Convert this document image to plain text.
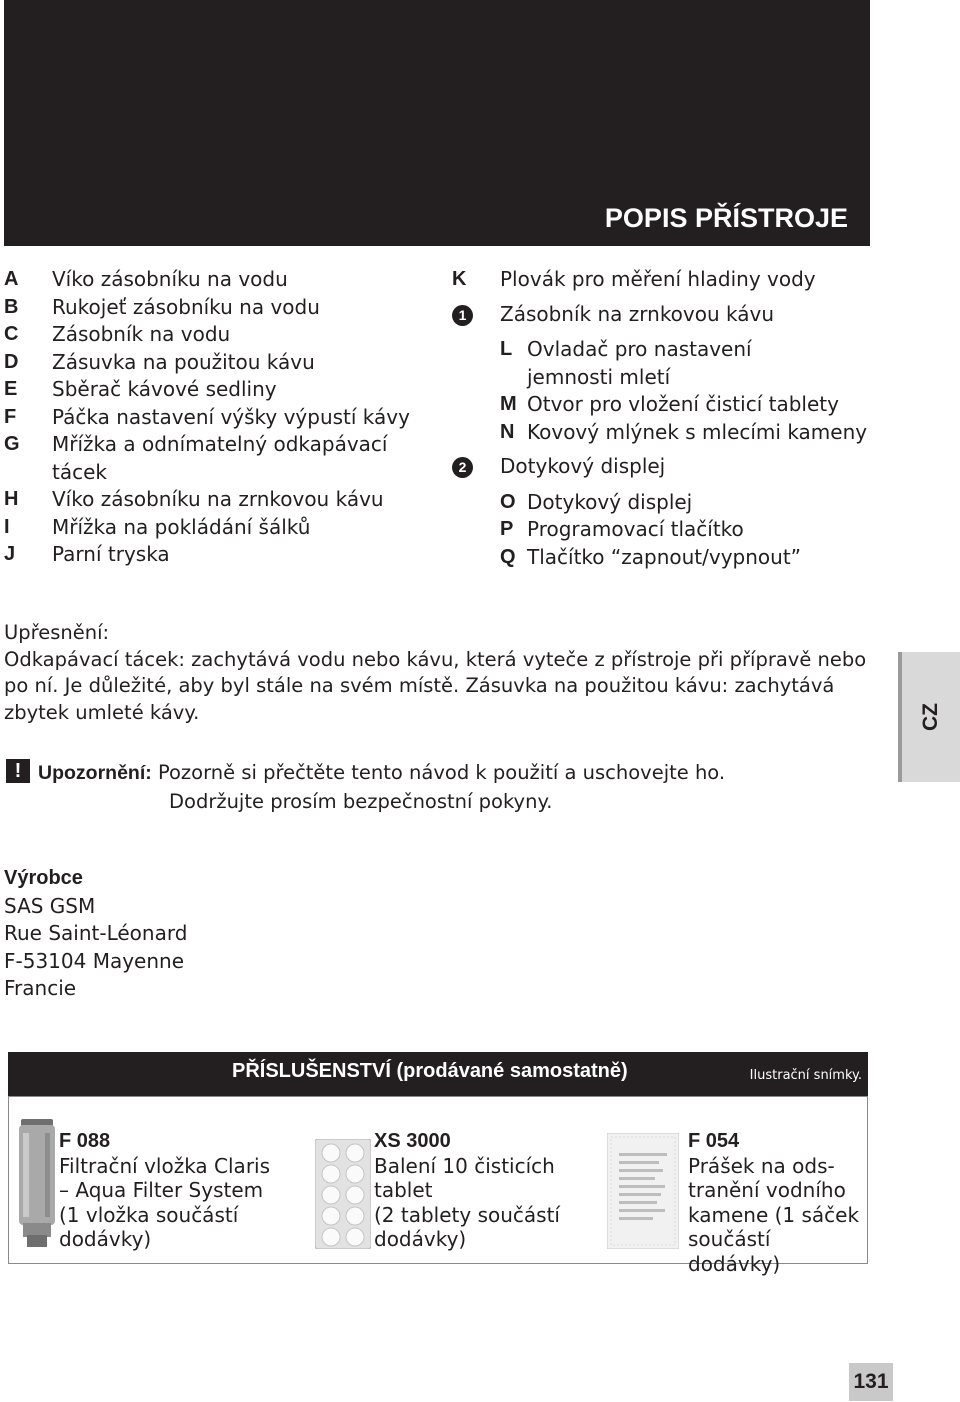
POPIS PŘÍSTROJE
A	Víko zásobníku na vodu
B	Rukojeť zásobníku na vodu
C	Zásobník na vodu
D	Zásuvka na použitou kávu
E	Sběrač kávové sedliny
F	Páčka nastavení výšky výpustí kávy
G	Mřížka a odnímatelný odkapávací tácek
H	Víko zásobníku na zrnkovou kávu
I	Mřížka na pokládání šálků
J	Parní tryska
K	Plovák pro měření hladiny vody
1	Zásobník na zrnkovou kávu
L Ovladač pro nastavení jemnosti mletí
M Otvor pro vložení čisticí tablety
N Kovový mlýnek s mlecími kameny
2	Dotykový displej
O Dotykový displej
P Programovací tlačítko
Q Tlačítko “zapnout/vypnout”
Upřesnění:
Odkapávací tácek: zachytává vodu nebo kávu, která vyteče z přístroje při přípravě nebo po ní. Je důležité, aby byl stále na svém místě. Zásuvka na použitou kávu: zachytává zbytek umleté kávy.	CZ
! Upozornění: Pozorně si přečtěte tento návod k použití a uschovejte ho.
Dodržujte prosím bezpečnostní pokyny.
Výrobce
SAS GSM
Rue Saint-Léonard
F-53104 Mayenne
Francie
PŘÍSLUŠENSTVÍ (prodávané samostatně)	Ilustrační snímky.
F 088
Filtrační vložka Claris
– Aqua Filter System
(1 vložka součástí
dodávky)
XS 3000
Balení 10 čisticích
tablet
(2 tablety součástí
dodávky)
F 054
Prášek na ods-
tranění vodního
kamene (1 sáček
součástí dodávky)
131
